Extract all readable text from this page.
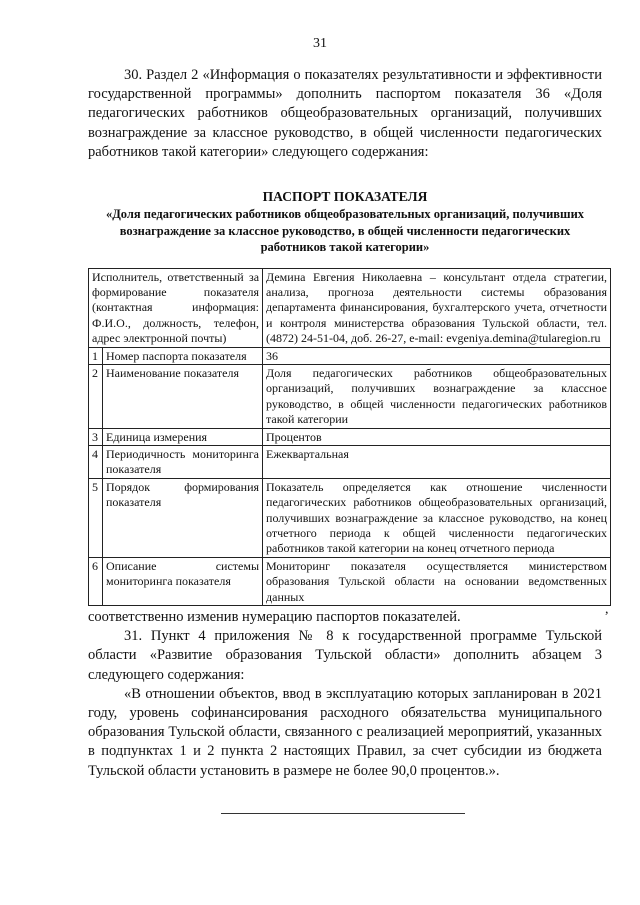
31

30. Раздел 2 «Информация о показателях результативности и эффективности государственной программы» дополнить паспортом показателя 36 «Доля педагогических работников общеобразовательных организаций, получивших вознаграждение за классное руководство, в общей численности педагогических работников такой категории» следующего содержания:

ПАСПОРТ ПОКАЗАТЕЛЯ
«Доля педагогических работников общеобразовательных организаций, получивших вознаграждение за классное руководство, в общей численности педагогических работников такой категории»
Исполнитель, ответственный за формирование показателя (контактная информация: Ф.И.О., должность, телефон, адрес электронной почты)		Демина Евгения Николаевна – консультант отдела стратегии, анализа, прогноза деятельности системы образования департамента финансирования, бухгалтерского учета, отчетности и контроля министерства образования Тульской области, тел. (4872) 24-51-04, доб. 26-27, e-mail: evgeniya.demina@tularegion.ru
1	Номер паспорта показателя	36
2	Наименование показателя	Доля педагогических работников общеобразовательных организаций, получивших вознаграждение за классное руководство, в общей численности педагогических работников такой категории
3	Единица измерения	Процентов
4	Периодичность мониторинга показателя	Ежеквартальная
5	Порядок формирования показателя	Показатель определяется как отношение численности педагогических работников общеобразовательных организаций, получивших вознаграждение за классное руководство, на конец отчетного периода к общей численности педагогических работников такой категории на конец отчетного периода
6	Описание системы мониторинга показателя	Мониторинг показателя осуществляется министерством образования Тульской области на основании ведомственных данных

соответственно изменив нумерацию паспортов показателей.

31. Пункт 4 приложения № 8 к государственной программе Тульской области «Развитие образования Тульской области» дополнить абзацем 3 следующего содержания:

«В отношении объектов, ввод в эксплуатацию которых запланирован в 2021 году, уровень софинансирования расходного обязательства муниципального образования Тульской области, связанного с реализацией мероприятий, указанных в подпунктах 1 и 2 пункта 2 настоящих Правил, за счет субсидии из бюджета Тульской области установить в размере не более 90,0 процентов.».

,
